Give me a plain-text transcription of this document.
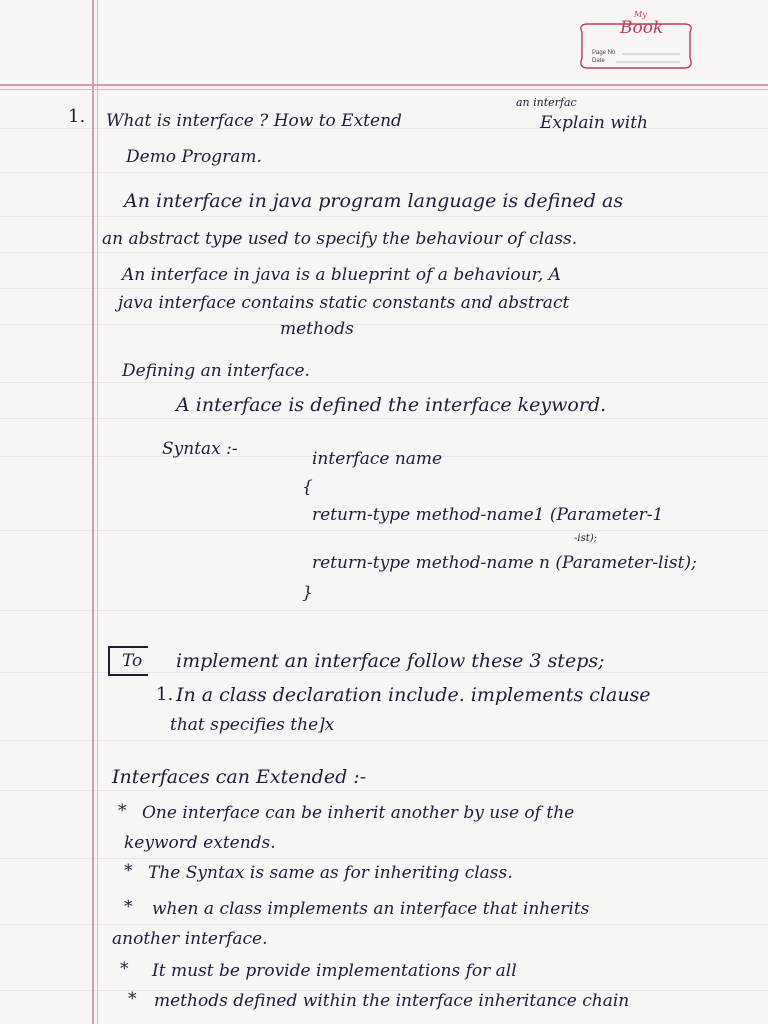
My
Book
Page No
Date
1. What is interface ? How to Extend
an interfac
Explain with
Demo Program.
An interface in java program language is defined as
an abstract type used to specify the behaviour of class.
An interface in java is a blueprint of a behaviour, A
java interface contains static constants and abstract
methods
Defining an interface.
A interface is defined the interface keyword.
Syntax :-	interface name
{
return-type method-name1 (Parameter-1
-ist);
return-type method-name n (Parameter-list);
}
To implement an interface follow these 3 steps;
1. In a class declaration include. implements clause
that specifies the]x
Interfaces can Extended :-
* One interface can be inherit another by use of the
keyword extends.
* The Syntax is same as for inheriting class.
* when a class implements an interface that inherits
another interface.
* It must be provide implementations for all
* methods defined within the interface inheritance chain
